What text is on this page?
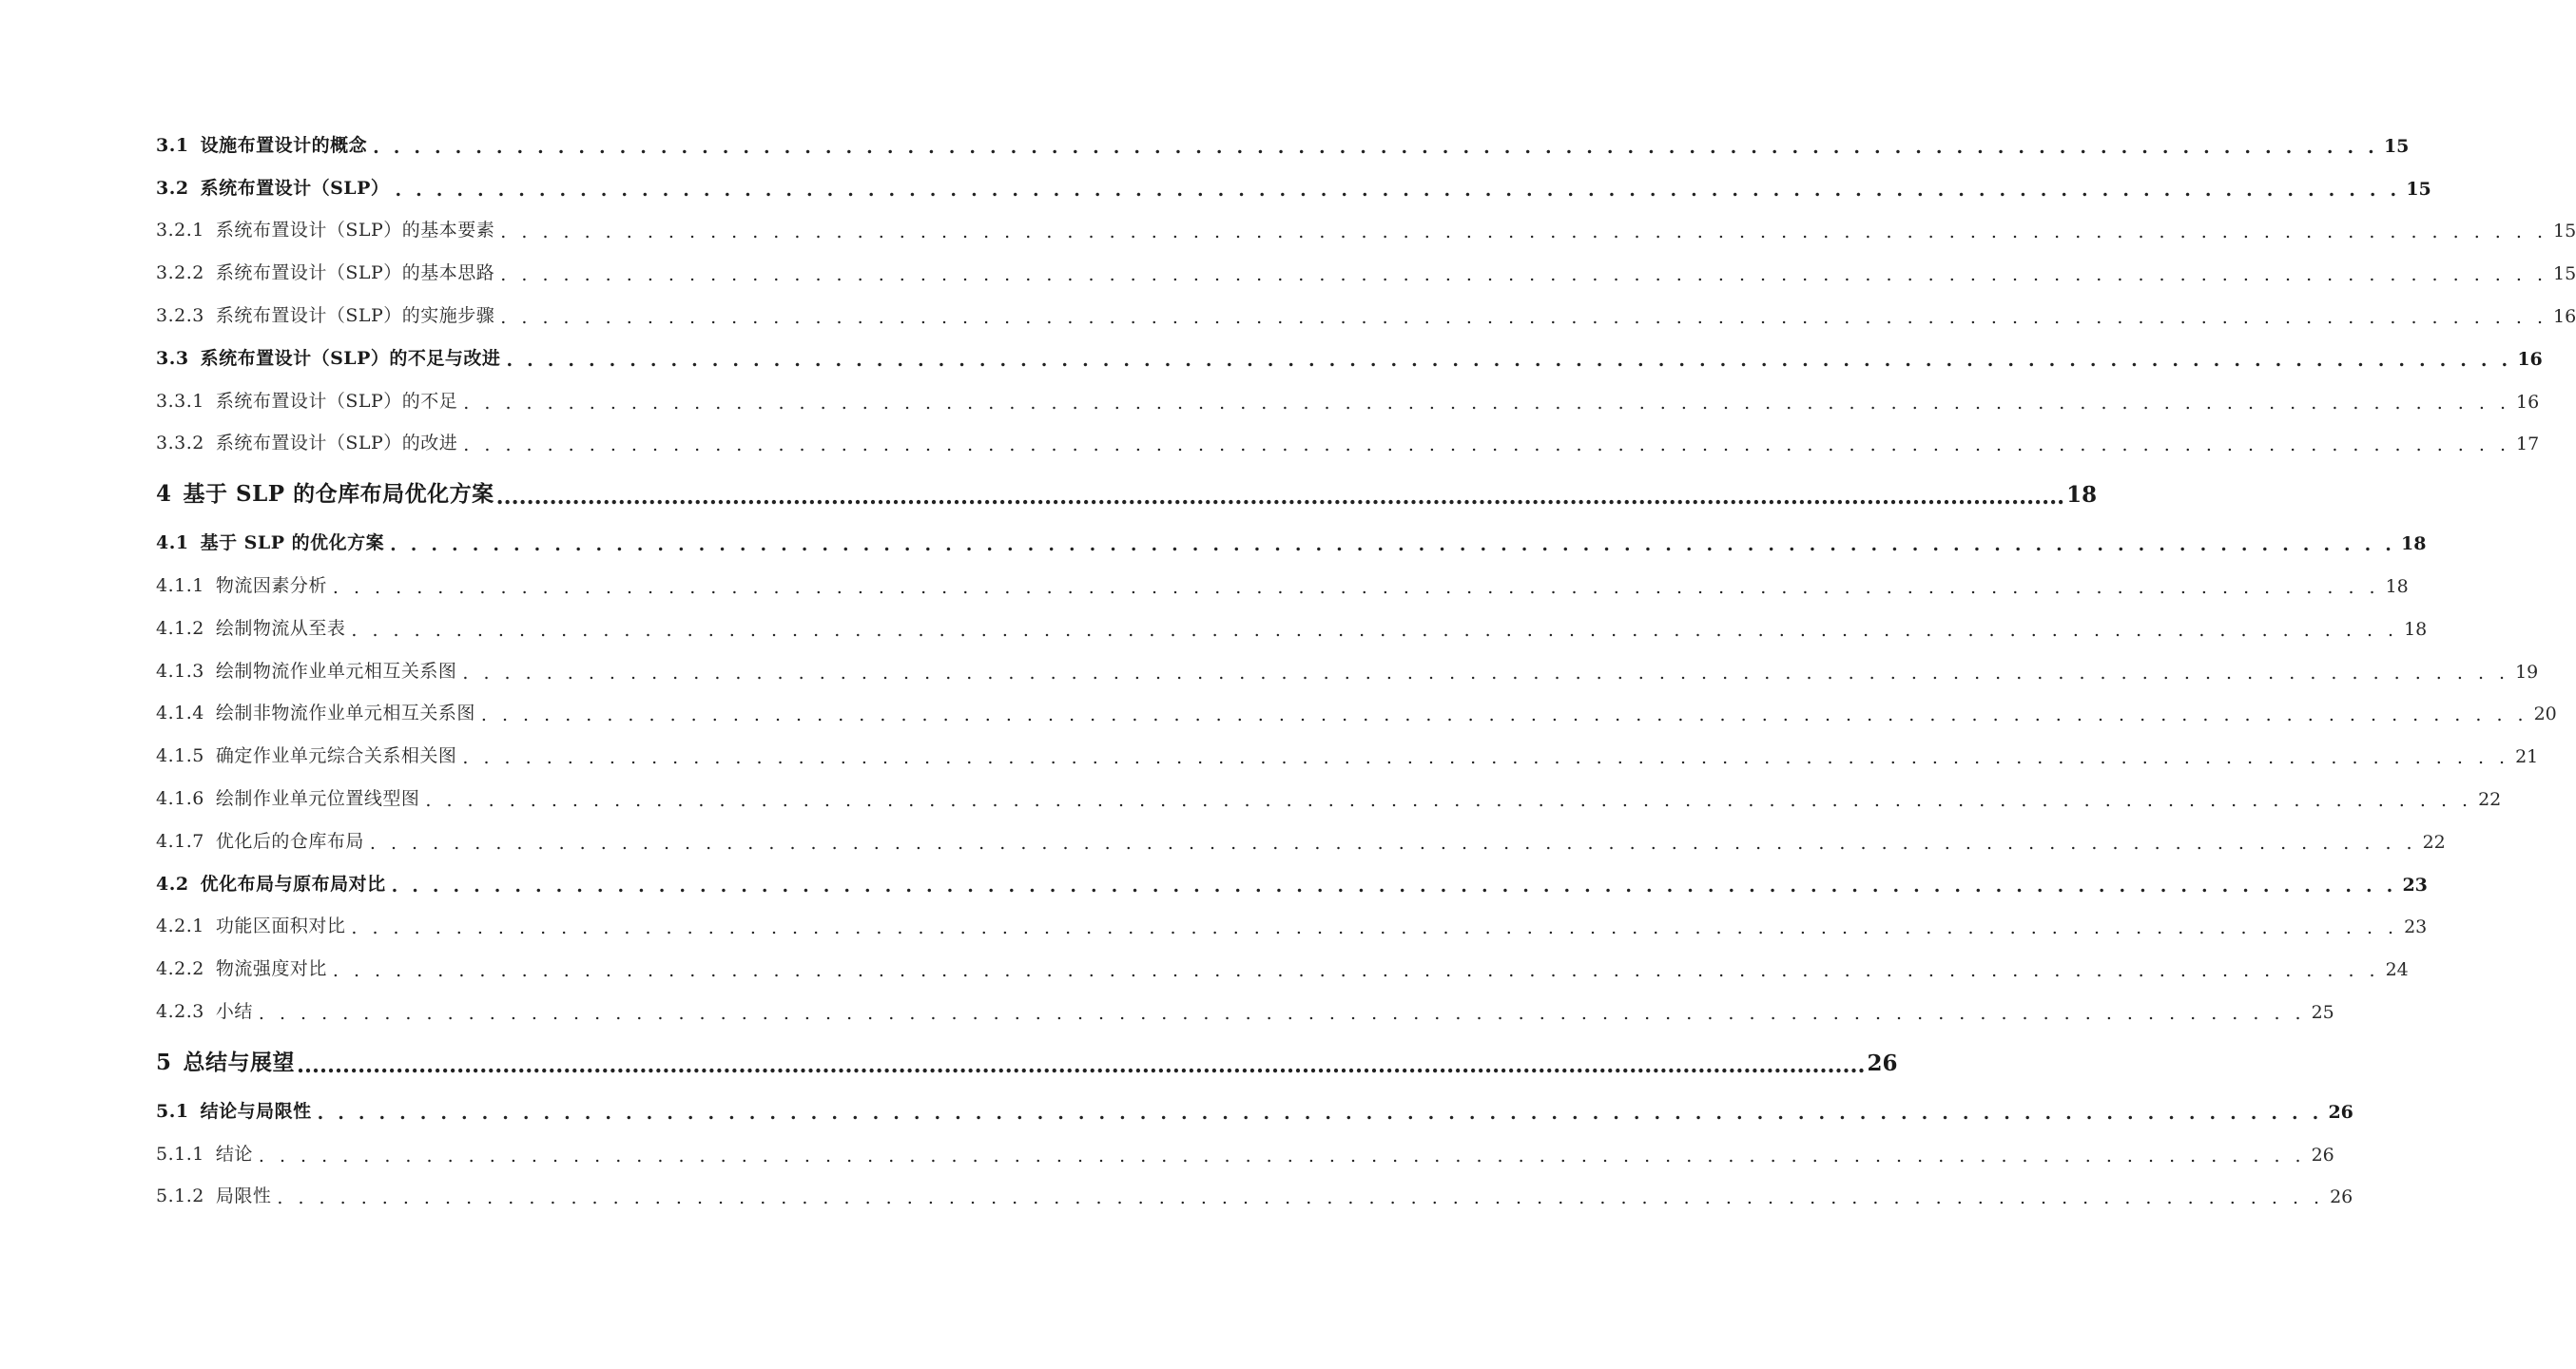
3.1 设施布置设计的概念 . . . . . . . . . . . . . . . . . . . . . . . . . . . . . . . . . . . . . . . . . . . . . . . . . . . . . . . . . . . . . . . . . . . . . . . . . . . . . . . . . . . . . . . . . . . . . . . . . . 15
3.2 系统布置设计（SLP） . . . . . . . . . . . . . . . . . . . . . . . . . . . . . . . . . . . . . . . . . . . . . . . . . . . . . . . . . . . . . . . . . . . . . . . . . . . . . . . . . . . . . . . . . . . . . . . . . . 15
3.2.1 系统布置设计（SLP）的基本要素 . . . . . . . . . . . . . . . . . . . . . . . . . . . . . . . . . . . . . . . . . . . . . . . . . . . . . . . . . . . . . . . . . . . . . . . . . . . . . . . . . . . . . . . . . . . . . . . . . . 15
3.2.2 系统布置设计（SLP）的基本思路 . . . . . . . . . . . . . . . . . . . . . . . . . . . . . . . . . . . . . . . . . . . . . . . . . . . . . . . . . . . . . . . . . . . . . . . . . . . . . . . . . . . . . . . . . . . . . . . . . . 15
3.2.3 系统布置设计（SLP）的实施步骤 . . . . . . . . . . . . . . . . . . . . . . . . . . . . . . . . . . . . . . . . . . . . . . . . . . . . . . . . . . . . . . . . . . . . . . . . . . . . . . . . . . . . . . . . . . . . . . . . . . 16
3.3 系统布置设计（SLP）的不足与改进 . . . . . . . . . . . . . . . . . . . . . . . . . . . . . . . . . . . . . . . . . . . . . . . . . . . . . . . . . . . . . . . . . . . . . . . . . . . . . . . . . . . . . . . . . . . . . . . . . . 16
3.3.1 系统布置设计（SLP）的不足 . . . . . . . . . . . . . . . . . . . . . . . . . . . . . . . . . . . . . . . . . . . . . . . . . . . . . . . . . . . . . . . . . . . . . . . . . . . . . . . . . . . . . . . . . . . . . . . . . . 16
3.3.2 系统布置设计（SLP）的改进 . . . . . . . . . . . . . . . . . . . . . . . . . . . . . . . . . . . . . . . . . . . . . . . . . . . . . . . . . . . . . . . . . . . . . . . . . . . . . . . . . . . . . . . . . . . . . . . . . . 17
4 基于 SLP 的仓库布局优化方案 .............................................................................................................................................................................................................. 18
4.1 基于 SLP 的优化方案 . . . . . . . . . . . . . . . . . . . . . . . . . . . . . . . . . . . . . . . . . . . . . . . . . . . . . . . . . . . . . . . . . . . . . . . . . . . . . . . . . . . . . . . . . . . . . . . . . . 18
4.1.1 物流因素分析 . . . . . . . . . . . . . . . . . . . . . . . . . . . . . . . . . . . . . . . . . . . . . . . . . . . . . . . . . . . . . . . . . . . . . . . . . . . . . . . . . . . . . . . . . . . . . . . . . . 18
4.1.2 绘制物流从至表 . . . . . . . . . . . . . . . . . . . . . . . . . . . . . . . . . . . . . . . . . . . . . . . . . . . . . . . . . . . . . . . . . . . . . . . . . . . . . . . . . . . . . . . . . . . . . . . . . . 18
4.1.3 绘制物流作业单元相互关系图 . . . . . . . . . . . . . . . . . . . . . . . . . . . . . . . . . . . . . . . . . . . . . . . . . . . . . . . . . . . . . . . . . . . . . . . . . . . . . . . . . . . . . . . . . . . . . . . . . . 19
4.1.4 绘制非物流作业单元相互关系图 . . . . . . . . . . . . . . . . . . . . . . . . . . . . . . . . . . . . . . . . . . . . . . . . . . . . . . . . . . . . . . . . . . . . . . . . . . . . . . . . . . . . . . . . . . . . . . . . . . 20
4.1.5 确定作业单元综合关系相关图 . . . . . . . . . . . . . . . . . . . . . . . . . . . . . . . . . . . . . . . . . . . . . . . . . . . . . . . . . . . . . . . . . . . . . . . . . . . . . . . . . . . . . . . . . . . . . . . . . . 21
4.1.6 绘制作业单元位置线型图 . . . . . . . . . . . . . . . . . . . . . . . . . . . . . . . . . . . . . . . . . . . . . . . . . . . . . . . . . . . . . . . . . . . . . . . . . . . . . . . . . . . . . . . . . . . . . . . . . . 22
4.1.7 优化后的仓库布局 . . . . . . . . . . . . . . . . . . . . . . . . . . . . . . . . . . . . . . . . . . . . . . . . . . . . . . . . . . . . . . . . . . . . . . . . . . . . . . . . . . . . . . . . . . . . . . . . . . 22
4.2 优化布局与原布局对比 . . . . . . . . . . . . . . . . . . . . . . . . . . . . . . . . . . . . . . . . . . . . . . . . . . . . . . . . . . . . . . . . . . . . . . . . . . . . . . . . . . . . . . . . . . . . . . . . . . 23
4.2.1 功能区面积对比 . . . . . . . . . . . . . . . . . . . . . . . . . . . . . . . . . . . . . . . . . . . . . . . . . . . . . . . . . . . . . . . . . . . . . . . . . . . . . . . . . . . . . . . . . . . . . . . . . . 23
4.2.2 物流强度对比 . . . . . . . . . . . . . . . . . . . . . . . . . . . . . . . . . . . . . . . . . . . . . . . . . . . . . . . . . . . . . . . . . . . . . . . . . . . . . . . . . . . . . . . . . . . . . . . . . . 24
4.2.3 小结 . . . . . . . . . . . . . . . . . . . . . . . . . . . . . . . . . . . . . . . . . . . . . . . . . . . . . . . . . . . . . . . . . . . . . . . . . . . . . . . . . . . . . . . . . . . . . . . . . . 25
5 总结与展望 .............................................................................................................................................................................................................. 26
5.1 结论与局限性 . . . . . . . . . . . . . . . . . . . . . . . . . . . . . . . . . . . . . . . . . . . . . . . . . . . . . . . . . . . . . . . . . . . . . . . . . . . . . . . . . . . . . . . . . . . . . . . . . . 26
5.1.1 结论 . . . . . . . . . . . . . . . . . . . . . . . . . . . . . . . . . . . . . . . . . . . . . . . . . . . . . . . . . . . . . . . . . . . . . . . . . . . . . . . . . . . . . . . . . . . . . . . . . . 26
5.1.2 局限性 . . . . . . . . . . . . . . . . . . . . . . . . . . . . . . . . . . . . . . . . . . . . . . . . . . . . . . . . . . . . . . . . . . . . . . . . . . . . . . . . . . . . . . . . . . . . . . . . . . 26
